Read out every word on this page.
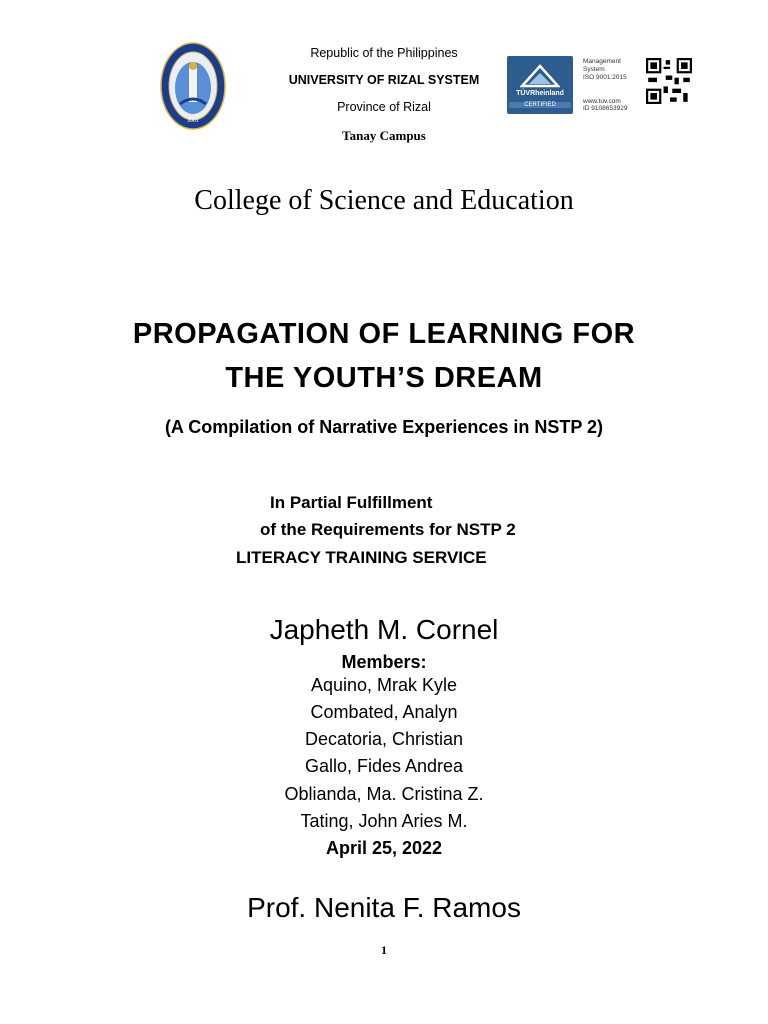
2001
Republic of the Philippines
UNIVERSITY OF RIZAL SYSTEM
Province of Rizal
Tanay Campus
TÜVRheinland
CERTIFIED
Management
System
ISO 9001:2015
www.tuv.com
ID 9108653929
College of Science and Education
PROPAGATION OF LEARNING FOR
THE YOUTH’S DREAM
(A Compilation of Narrative Experiences in NSTP 2)
In Partial Fulfillment
of the Requirements for NSTP 2
LITERACY TRAINING SERVICE
Japheth M. Cornel
Members:
Aquino, Mrak Kyle
Combated, Analyn
Decatoria, Christian
Gallo, Fides Andrea
Oblianda, Ma. Cristina Z.
Tating, John Aries M.
April 25, 2022
Prof. Nenita F. Ramos
1
